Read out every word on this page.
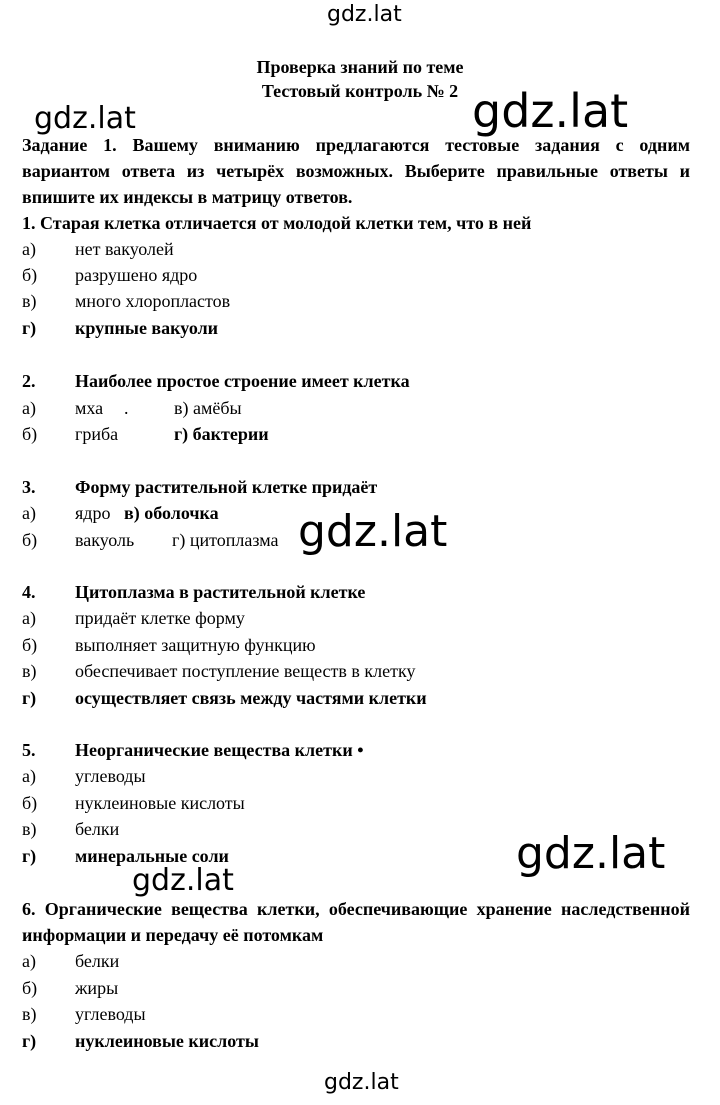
Проверка знаний по теме
Тестовый контроль № 2
Задание 1. Вашему вниманию предлагаются тестовые задания с одним вариантом ответа из четырёх возможных. Выберите правильные ответы и впишите их индексы в матрицу ответов.
1. Старая клетка отличается от молодой клетки тем, что в ней
а) нет вакуолей
б) разрушено ядро
в) много хлоропластов
г) крупные вакуоли
2. Наиболее простое строение имеет клетка
а) мха .	в) амёбы
б) гриба	г) бактерии
3. Форму растительной клетке придаёт
а) ядро в) оболочка
б) вакуоль г) цитоплазма
4. Цитоплазма в растительной клетке
а) придаёт клетке форму
б) выполняет защитную функцию
в) обеспечивает поступление веществ в клетку
г) осуществляет связь между частями клетки
5. Неорганические вещества клетки •
а) углеводы
б) нуклеиновые кислоты
в) белки
г) минеральные соли
6. Органические вещества клетки, обеспечивающие хранение наследственной информации и передачу её потомкам
а) белки
б) жиры
в) углеводы
г) нуклеиновые кислоты
gdz.lat
gdz.lat	gdz.lat
gdz.lat
gdz.lat
gdz.lat
gdz.lat
